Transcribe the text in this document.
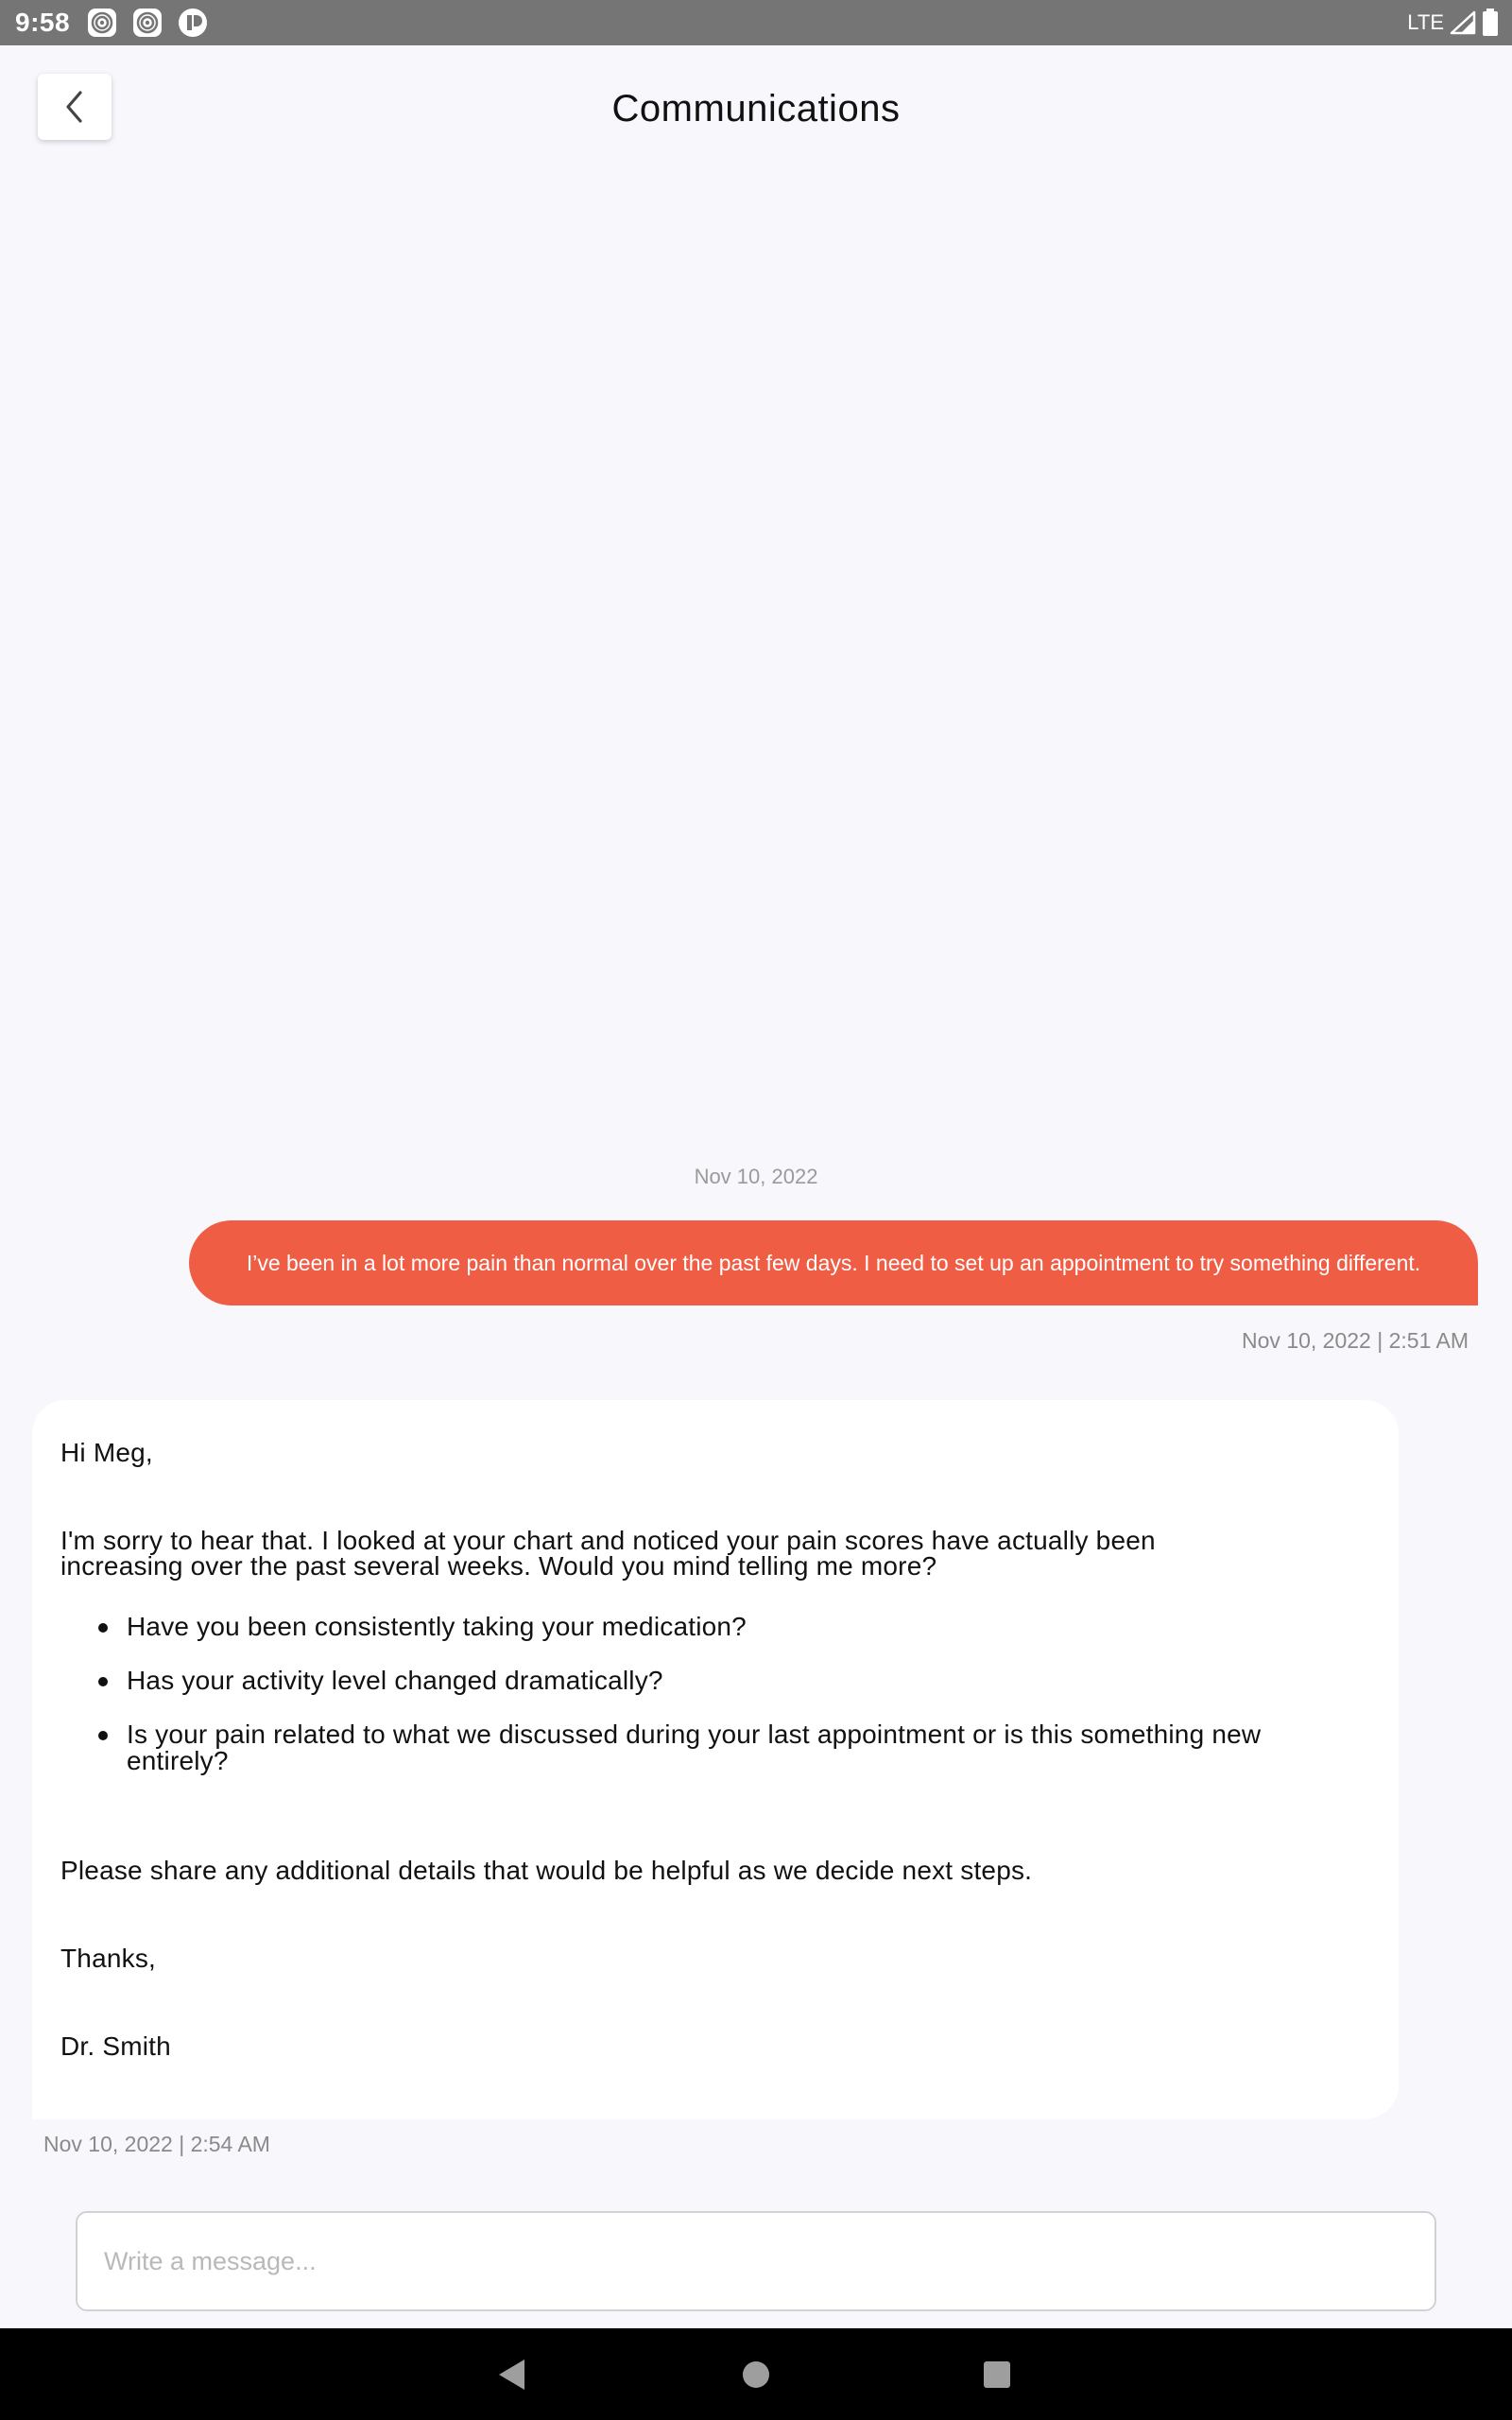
9:58	LTE
Communications
Nov 10, 2022
I’ve been in a lot more pain than normal over the past few days. I need to set up an appointment to try something different.
Nov 10, 2022 | 2:51 AM
Hi Meg,
I'm sorry to hear that. I looked at your chart and noticed your pain scores have actually been
increasing over the past several weeks. Would you mind telling me more?
Have you been consistently taking your medication?
Has your activity level changed dramatically?
Is your pain related to what we discussed during your last appointment or is this something new
entirely?
Please share any additional details that would be helpful as we decide next steps.
Thanks,
Dr. Smith
Nov 10, 2022 | 2:54 AM
Write a message...
